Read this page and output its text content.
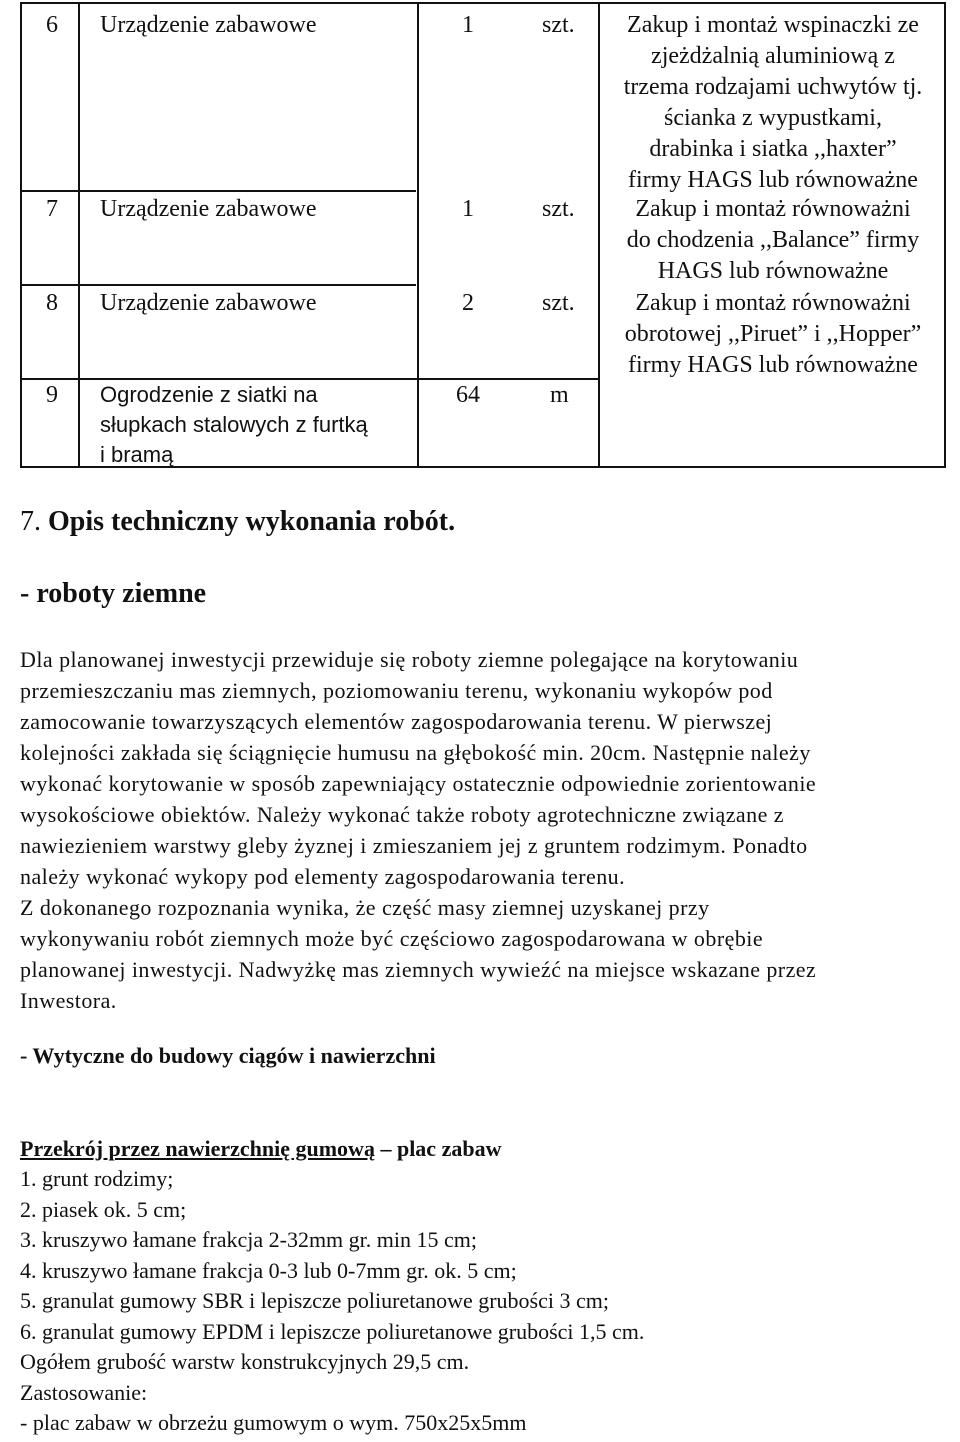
6 Urządzenie zabawowe	1	szt.	Zakup i montaż wspinaczki ze
zjeżdżalnią aluminiową z
trzema rodzajami uchwytów tj.
ścianka z wypustkami,
drabinka i siatka ,,haxter”
firmy HAGS lub równoważne
7 Urządzenie zabawowe	1	szt.	Zakup i montaż równoważni
do chodzenia ,,Balance” firmy
HAGS lub równoważne
8 Urządzenie zabawowe	2	szt.	Zakup i montaż równoważni
obrotowej ,,Piruet” i ,,Hopper”
firmy HAGS lub równoważne
9 Ogrodzenie z siatki na
słupkach stalowych z furtką
i bramą
64	m
7. Opis techniczny wykonania robót.
- roboty ziemne
Dla planowanej inwestycji przewiduje się roboty ziemne polegające na korytowaniu
przemieszczaniu mas ziemnych, poziomowaniu terenu, wykonaniu wykopów pod
zamocowanie towarzyszących elementów zagospodarowania terenu. W pierwszej
kolejności zakłada się ściągnięcie humusu na głębokość min. 20cm. Następnie należy
wykonać korytowanie w sposób zapewniający ostatecznie odpowiednie zorientowanie
wysokościowe obiektów. Należy wykonać także roboty agrotechniczne związane z
nawiezieniem warstwy gleby żyznej i zmieszaniem jej z gruntem rodzimym. Ponadto
należy wykonać wykopy pod elementy zagospodarowania terenu.
Z dokonanego rozpoznania wynika, że część masy ziemnej uzyskanej przy
wykonywaniu robót ziemnych może być częściowo zagospodarowana w obrębie
planowanej inwestycji. Nadwyżkę mas ziemnych wywieźć na miejsce wskazane przez
Inwestora.
- Wytyczne do budowy ciągów i nawierzchni
Przekrój przez nawierzchnię gumową – plac zabaw
1. grunt rodzimy;
2. piasek ok. 5 cm;
3. kruszywo łamane frakcja 2-32mm gr. min 15 cm;
4. kruszywo łamane frakcja 0-3 lub 0-7mm gr. ok. 5 cm;
5. granulat gumowy SBR i lepiszcze poliuretanowe grubości 3 cm;
6. granulat gumowy EPDM i lepiszcze poliuretanowe grubości 1,5 cm.
Ogółem grubość warstw konstrukcyjnych 29,5 cm.
Zastosowanie:
- plac zabaw w obrzeżu gumowym o wym. 750x25x5mm
